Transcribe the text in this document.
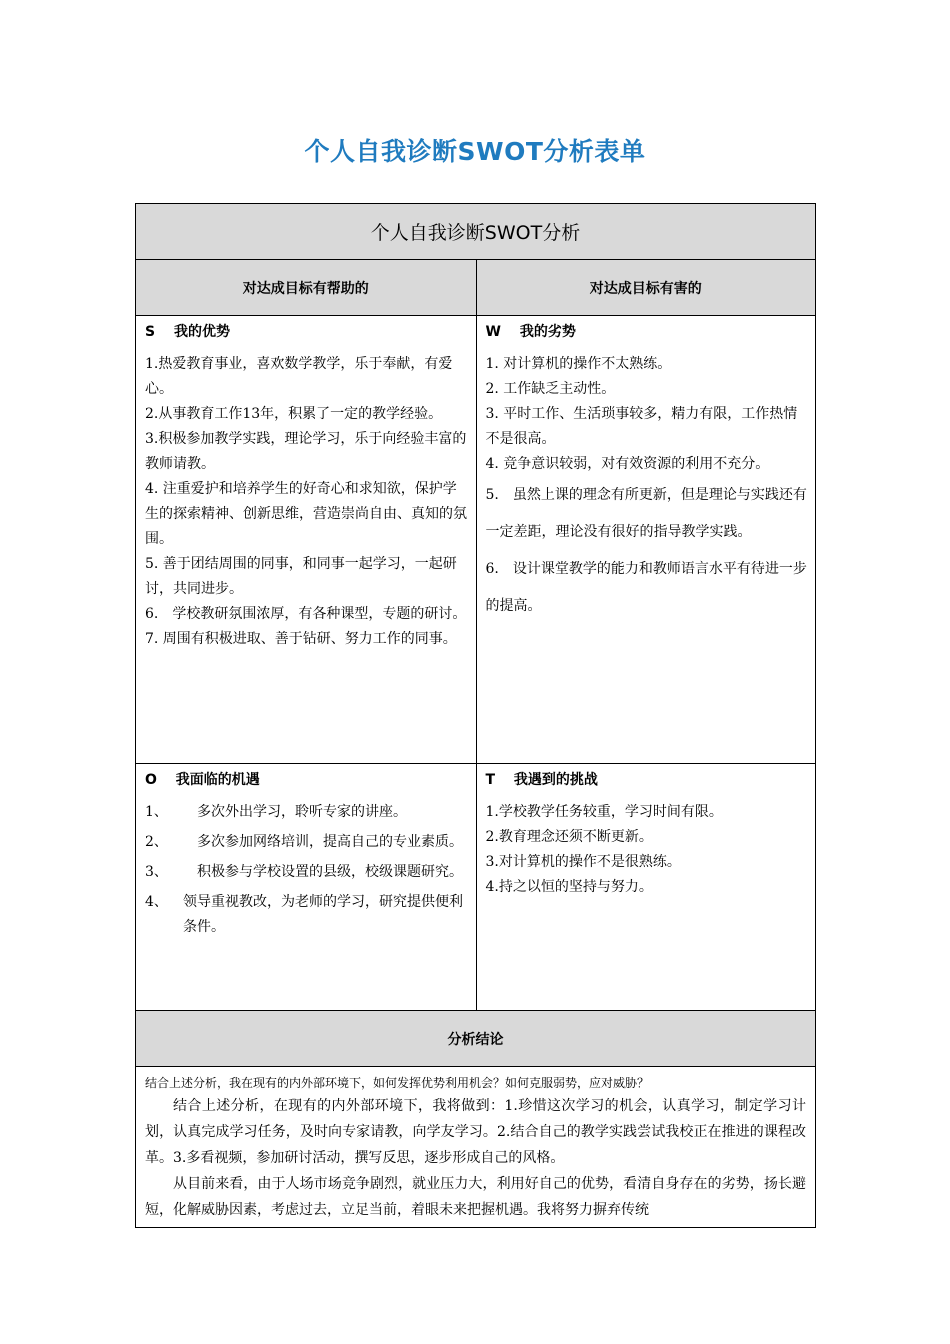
个人自我诊断SWOT分析表单
个人自我诊断SWOT分析
对达成目标有帮助的	对达成目标有害的
S　 我的优势

1.热爱教育事业，喜欢数学教学，乐于奉献，有爱心。

2.从事教育工作13年，积累了一定的教学经验。

3.积极参加教学实践，理论学习，乐于向经验丰富的教师请教。

4. 注重爱护和培养学生的好奇心和求知欲，保护学生的探索精神、创新思维，营造崇尚自由、真知的氛围。

5. 善于团结周围的同事，和同事一起学习，一起研讨，共同进步。

6.　学校教研氛围浓厚，有各种课型，专题的研讨。

7. 周围有积极进取、善于钻研、努力工作的同事。

W　 我的劣势

1. 对计算机的操作不太熟练。

2. 工作缺乏主动性。

3. 平时工作、生活琐事较多，精力有限，工作热情不是很高。

4. 竞争意识较弱，对有效资源的利用不充分。

5.　虽然上课的理念有所更新，但是理论与实践还有一定差距，理论没有很好的指导教学实践。

6.　设计课堂教学的能力和教师语言水平有待进一步的提高。

O　 我面临的机遇
1、	　多次外出学习，聆听专家的讲座。
2、	　多次参加网络培训，提高自己的专业素质。
3、	　积极参与学校设置的县级，校级课题研究。
4、	领导重视教改，为老师的学习，研究提供便利条件。
T　 我遇到的挑战

1.学校教学任务较重，学习时间有限。

2.教育理念还须不断更新。

3.对计算机的操作不是很熟练。

4.持之以恒的坚持与努力。

分析结论

结合上述分析，我在现有的内外部环境下，如何发挥优势利用机会？如何克服弱势，应对威胁？

结合上述分析，在现有的内外部环境下，我将做到：1.珍惜这次学习的机会，认真学习，制定学习计划，认真完成学习任务，及时向专家请教，向学友学习。2.结合自己的教学实践尝试我校正在推进的课程改革。3.多看视频，参加研讨活动，撰写反思，逐步形成自己的风格。

从目前来看，由于人场市场竞争剧烈，就业压力大，利用好自己的优势，看清自身存在的劣势，扬长避短，化解威胁因素，考虑过去，立足当前，着眼未来把握机遇。我将努力摒弃传统
